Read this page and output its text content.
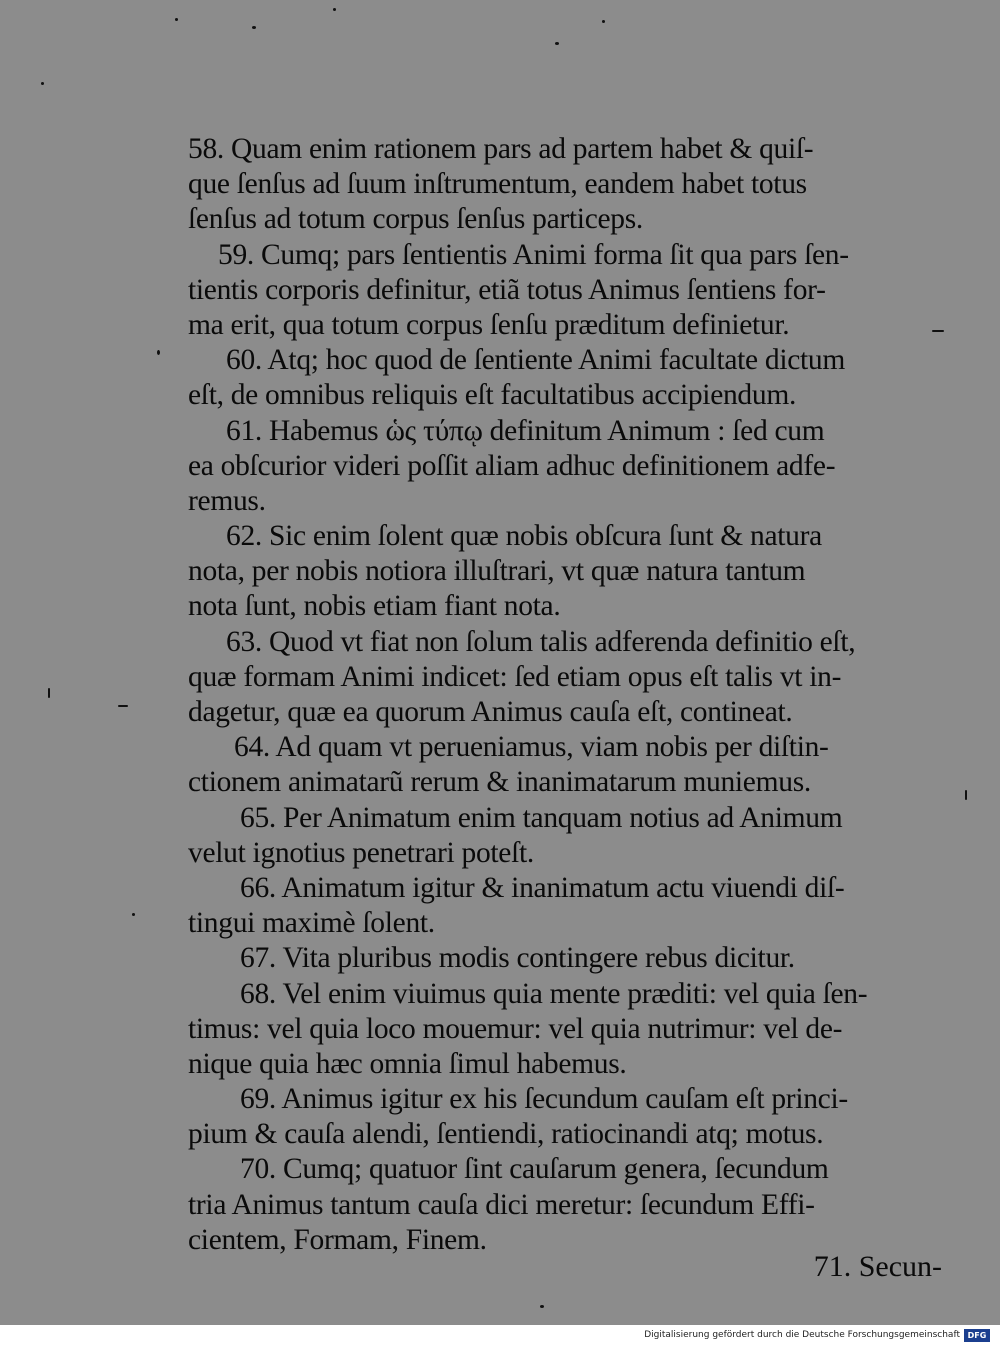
58. Quam enim rationem pars ad partem habet & quiſ-
que ſenſus ad ſuum inſtrumentum, eandem habet totus
ſenſus ad totum corpus ſenſus particeps.
59. Cumq; pars ſentientis Animi forma ſit qua pars ſen-
tientis corporis definitur, etiã totus Animus ſentiens for-
ma erit, qua totum corpus ſenſu præditum definietur.
60. Atq; hoc quod de ſentiente Animi facultate dictum
eſt, de omnibus reliquis eſt facultatibus accipiendum.
61. Habemus ὡς τύπῳ definitum Animum : ſed cum
ea obſcurior videri poſſit aliam adhuc definitionem adfe-
remus.
62. Sic enim ſolent quæ nobis obſcura ſunt & natura
nota, per nobis notiora illuſtrari, vt quæ natura tantum
nota ſunt, nobis etiam fiant nota.
63. Quod vt fiat non ſolum talis adferenda definitio eſt,
quæ formam Animi indicet: ſed etiam opus eſt talis vt in-
dagetur, quæ ea quorum Animus cauſa eſt, contineat.
64. Ad quam vt perueniamus, viam nobis per diſtin-
ctionem animatarũ rerum & inanimatarum muniemus.
65. Per Animatum enim tanquam notius ad Animum
velut ignotius penetrari poteſt.
66. Animatum igitur & inanimatum actu viuendi diſ-
tingui maximè ſolent.
67. Vita pluribus modis contingere rebus dicitur.
68. Vel enim viuimus quia mente præditi: vel quia ſen-
timus: vel quia loco mouemur: vel quia nutrimur: vel de-
nique quia hæc omnia ſimul habemus.
69. Animus igitur ex his ſecundum cauſam eſt princi-
pium & cauſa alendi, ſentiendi, ratiocinandi atq; motus.
70. Cumq; quatuor ſint cauſarum genera, ſecundum
tria Animus tantum cauſa dici meretur: ſecundum Effi-
cientem, Formam, Finem.
71. Secun-
Digitalisierung gefördert durch die Deutsche Forschungsgemeinschaft DFG
